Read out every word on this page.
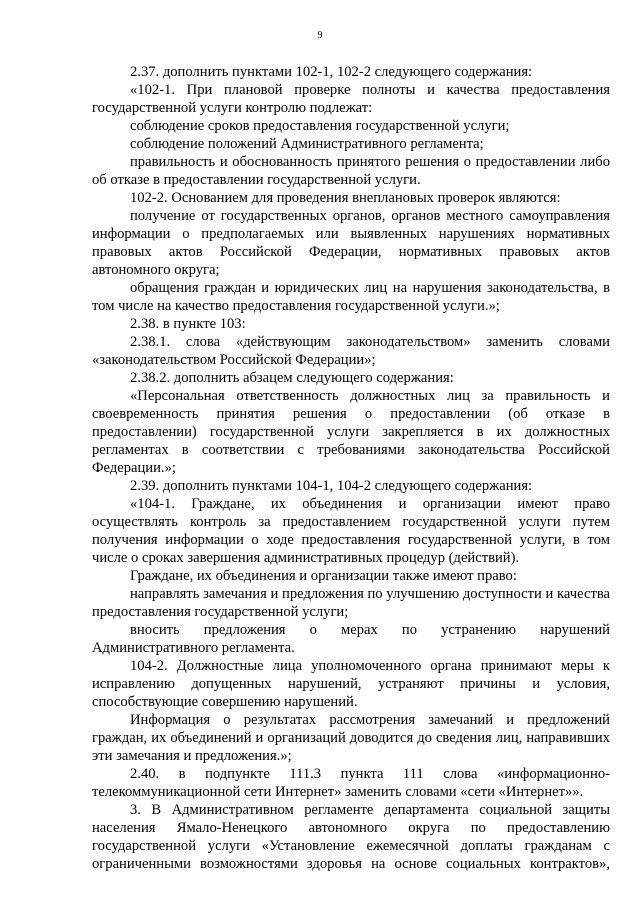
9

2.37. дополнить пунктами 102-1, 102-2 следующего содержания:

«102-1. При плановой проверке полноты и качества предоставления государственной услуги контролю подлежат:

соблюдение сроков предоставления государственной услуги;

соблюдение положений Административного регламента;

правильность и обоснованность принятого решения о предоставлении либо об отказе в предоставлении государственной услуги.

102-2. Основанием для проведения внеплановых проверок являются:

получение от государственных органов, органов местного самоуправления информации о предполагаемых или выявленных нарушениях нормативных правовых актов Российской Федерации, нормативных правовых актов автономного округа;

обращения граждан и юридических лиц на нарушения законодательства, в том числе на качество предоставления государственной услуги.»;

2.38. в пункте 103:

2.38.1. слова «действующим законодательством» заменить словами «законодательством Российской Федерации»;

2.38.2. дополнить абзацем следующего содержания:

«Персональная ответственность должностных лиц за правильность и своевременность принятия решения о предоставлении (об отказе в предоставлении) государственной услуги закрепляется в их должностных регламентах в соответствии с требованиями законодательства Российской Федерации.»;

2.39. дополнить пунктами 104-1, 104-2 следующего содержания:

«104-1. Граждане, их объединения и организации имеют право осуществлять контроль за предоставлением государственной услуги путем получения информации о ходе предоставления государственной услуги, в том числе о сроках завершения административных процедур (действий).

Граждане, их объединения и организации также имеют право:

направлять замечания и предложения по улучшению доступности и качества предоставления государственной услуги;

вносить предложения о мерах по устранению нарушений Административного регламента.

104-2. Должностные лица уполномоченного органа принимают меры к исправлению допущенных нарушений, устраняют причины и условия, способствующие совершению нарушений.

Информация о результатах рассмотрения замечаний и предложений граждан, их объединений и организаций доводится до сведения лиц, направивших эти замечания и предложения.»;

2.40. в подпункте 111.3 пункта 111 слова «информационно-телекоммуникационной сети Интернет» заменить словами «сети «Интернет»».

3. В Административном регламенте департамента социальной защиты населения Ямало-Ненецкого автономного округа по предоставлению государственной услуги «Установление ежемесячной доплаты гражданам с ограниченными возможностями здоровья на основе социальных контрактов»,
